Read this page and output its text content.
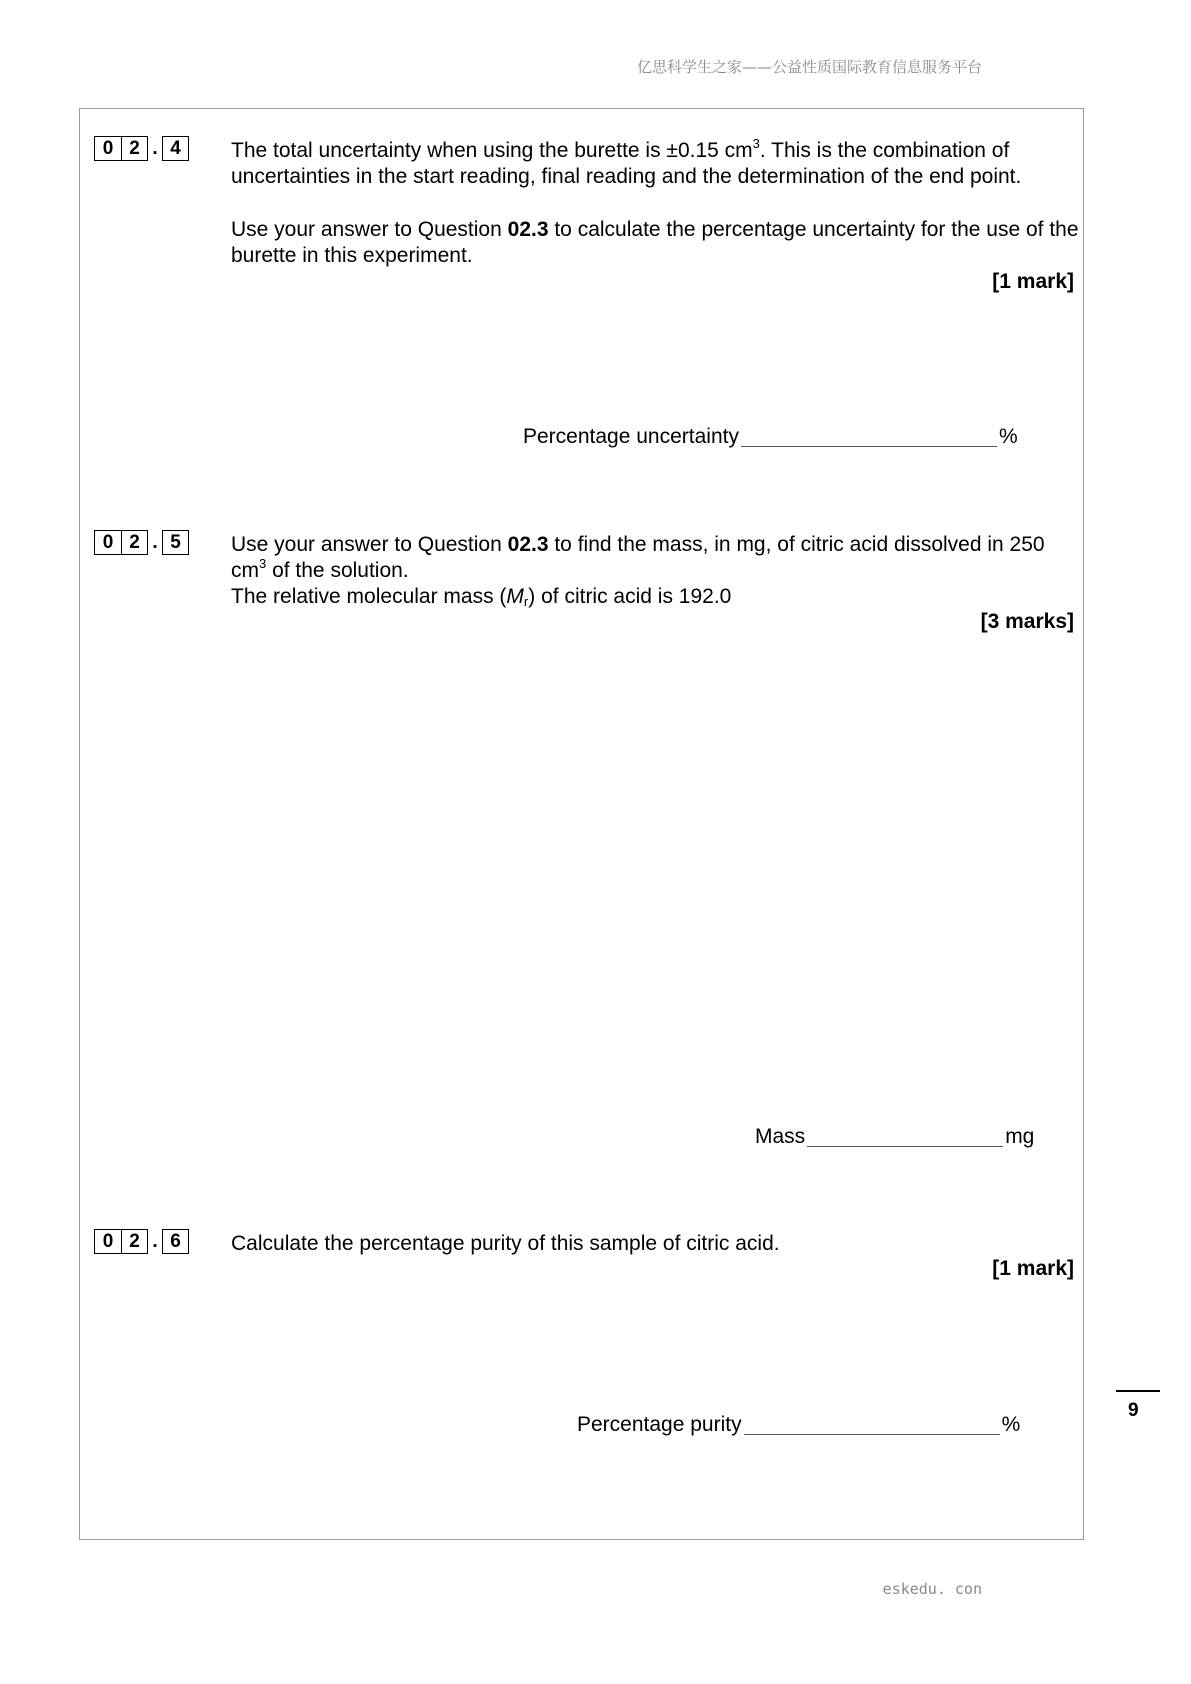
亿思科学生之家——公益性质国际教育信息服务平台
0 2 . 4	The total uncertainty when using the burette is ±0.15 $cm^3$. This is the combination of uncertainties in the start reading, final reading and the determination of the end point.

Use your answer to Question 02.3 to calculate the percentage uncertainty for the use of the burette in this experiment.

[1 mark]
Percentage uncertainty	%
0 2 . 5	Use your answer to Question 02.3 to find the mass, in mg, of citric acid dissolved in 250 $cm^3$ of the solution.

The relative molecular mass $(M_r)$ of citric acid is 192.0

[3 marks]
Mass	mg
0 2 . 6	Calculate the percentage purity of this sample of citric acid.

[1 mark]
Percentage purity	%
9
eskedu. con
